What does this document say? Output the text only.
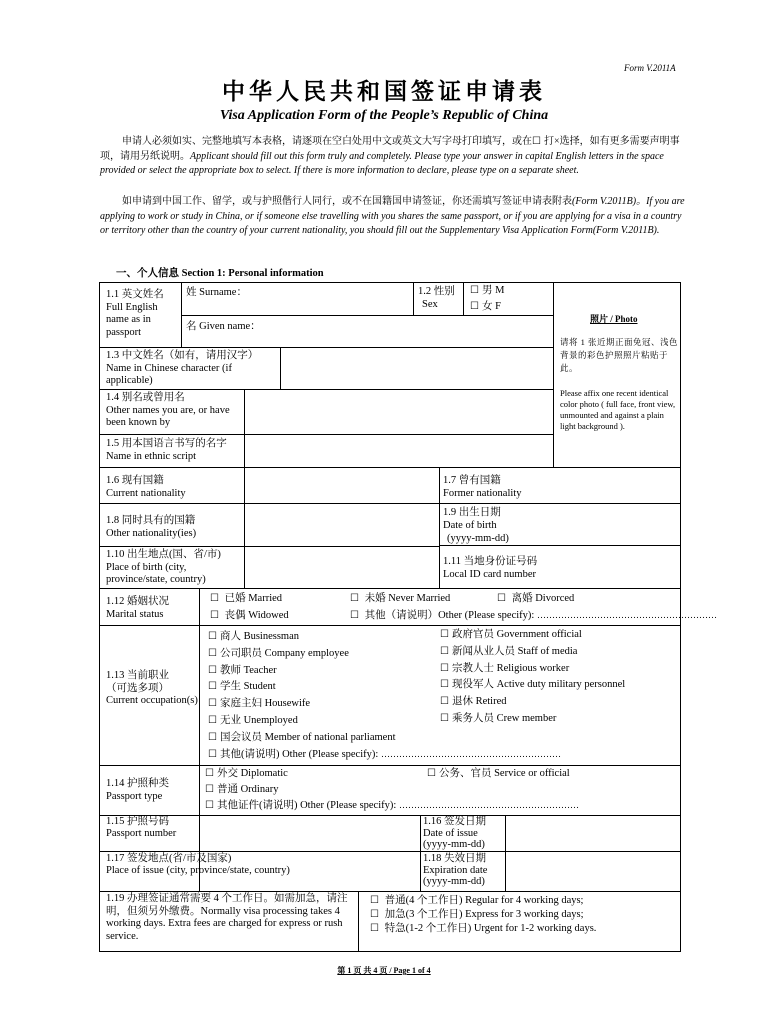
Form V.2011A
中华人民共和国签证申请表
Visa Application Form of the People’s Republic of China
申请人必须如实、完整地填写本表格，请逐项在空白处用中文或英文大写字母打印填写，或在☐ 打×选择，如有更多需要声明事项，请用另纸说明。Applicant should fill out this form truly and completely. Please type your answer in capital English letters in the space provided or select the appropriate box to select. If there is more information to declare, please type on a separate sheet.
如申请到中国工作、留学，或与护照偕行人同行，或不在国籍国申请签证，你还需填写签证申请表附表(Form V.2011B)。If you are applying to work or study in China, or if someone else travelling with you shares the same passport, or if you are applying for a visa in a country or territory other than the country of your current nationality, you should fill out the Supplementary Visa Application Form(Form V.2011B).
一、个人信息 Section 1: Personal information
1.1 英文姓名
Full English name as in passport
姓 Surname：
名 Given name：
1.2 性别
Sex
☐ 男 M
☐ 女 F
照片 / Photo
请将 1 张近期正面免冠、浅色背景的彩色护照照片粘贴于此。
Please affix one recent identical color photo ( full face, front view, unmounted and against a plain light background ).
1.3 中文姓名（如有，请用汉字）
Name in Chinese character (if applicable)
1.4 别名或曾用名
Other names you are, or have been known by
1.5 用本国语言书写的名字
Name in ethnic script
1.6 现有国籍
Current nationality
1.7 曾有国籍
Former nationality
1.8 同时具有的国籍
Other nationality(ies)
1.9 出生日期
Date of birth
(yyyy-mm-dd)
1.10 出生地点(国、省/市)
Place of birth (city, province/state, country)
1.11 当地身份证号码
Local ID card number
1.12 婚姻状况
Marital status
☐ 已婚 Married	☐ 未婚 Never Married	☐ 离婚 Divorced
☐ 丧偶 Widowed	☐ 其他（请说明）Other (Please specify): ……………………………………………………
1.13 当前职业
（可选多项）
Current occupation(s)
☐ 商人 Businessman
☐ 公司职员 Company employee
☐ 教师 Teacher
☐ 学生 Student
☐ 家庭主妇 Housewife
☐ 无业 Unemployed
☐ 国会议员 Member of national parliament
☐ 政府官员 Government official
☐ 新闻从业人员 Staff of media
☐ 宗教人士 Religious worker
☐ 现役军人 Active duty military personnel
☐ 退休 Retired
☐ 乘务人员 Crew member
☐ 其他(请说明) Other (Please specify): ……………………………………………………
1.14 护照种类
Passport type
☐ 外交 Diplomatic	☐ 公务、官员 Service or official
☐ 普通 Ordinary
☐ 其他证件(请说明) Other (Please specify): ……………………………………………………
1.15 护照号码
Passport number
1.16 签发日期
Date of issue
(yyyy-mm-dd)
1.17 签发地点(省/市及国家)
Place of issue (city, province/state, country)
1.18 失效日期
Expiration date
(yyyy-mm-dd)
1.19 办理签证通常需要 4 个工作日。如需加急，请注明，但须另外缴费。Normally visa processing takes 4 working days. Extra fees are charged for express or rush service.
☐ 普通(4 个工作日) Regular for 4 working days;
☐ 加急(3 个工作日) Express for 3 working days;
☐ 特急(1-2 个工作日) Urgent for 1-2 working days.
第 1 页 共 4 页 / Page 1 of 4
